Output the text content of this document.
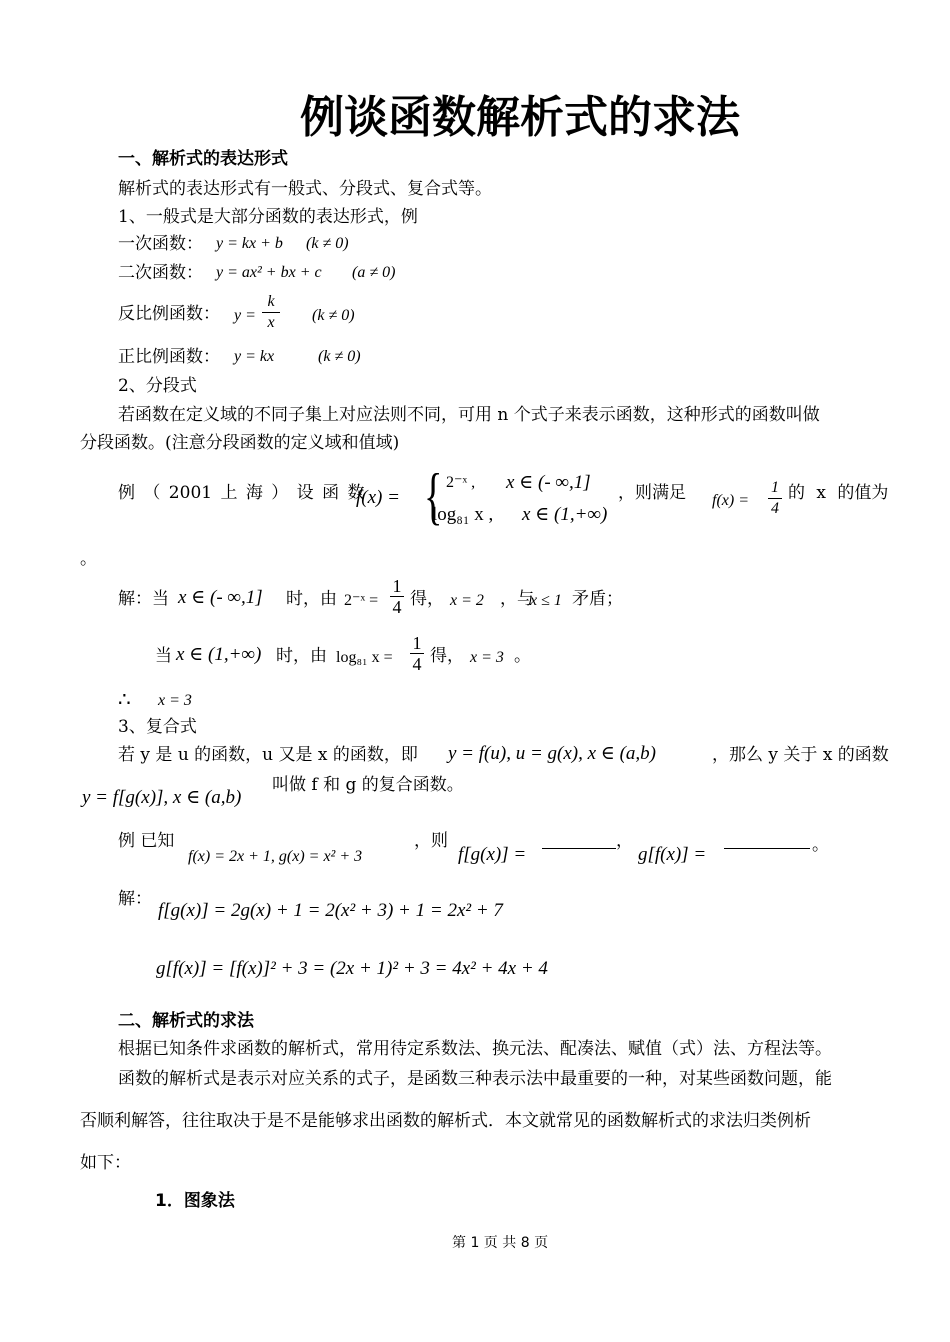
例谈函数解析式的求法
一、解析式的表达形式
解析式的表达形式有一般式、分段式、复合式等。
1、一般式是大部分函数的表达形式，例
一次函数： y = kx + b (k ≠ 0)
二次函数： y = ax² + bx + c (a ≠ 0)
反比例函数： y =
k
x	(k ≠ 0)
正比例函数： y = kx	(k ≠ 0)
2、分段式
若函数在定义域的不同子集上对应法则不同，可用 n 个式子来表示函数，这种形式的函数叫做
分段函数。(注意分段函数的定义域和值域)
例 （ 2001 上 海 ） 设 函 数
f(x) = { 2⁻ˣ , x ∈ (- ∞,1]
log₈₁ x , x ∈ (1,+∞)
，则满足 f(x) =
1
4
的 x 的值为
。
解：当 x ∈ (- ∞,1] 时，由 2⁻ˣ =
1
4 得， x = 2 ，与
x ≤ 1 矛盾；
当 x ∈ (1,+∞) 时，由 log₈₁ x =
1
4 得， x = 3 。
∴ x = 3
3、复合式
若 y 是 u 的函数，u 又是 x 的函数，即 y = f(u), u = g(x), x ∈ (a,b)	，那么 y 关于 x 的函数
y = f[g(x)], x ∈ (a,b)
叫做 f 和 g 的复合函数。
例 已知
f(x) = 2x + 1, g(x) = x² + 3
，则
f[g(x)] =
，
g[f(x)] =	。
解：
f[g(x)] = 2g(x) + 1 = 2(x² + 3) + 1 = 2x² + 7
g[f(x)] = [f(x)]² + 3 = (2x + 1)² + 3 = 4x² + 4x + 4
二、解析式的求法
根据已知条件求函数的解析式，常用待定系数法、换元法、配凑法、赋值（式）法、方程法等。
函数的解析式是表示对应关系的式子，是函数三种表示法中最重要的一种，对某些函数问题，能
否顺利解答，往往取决于是不是能够求出函数的解析式．本文就常见的函数解析式的求法归类例析
如下：
1．图象法
第 1 页 共 8 页
